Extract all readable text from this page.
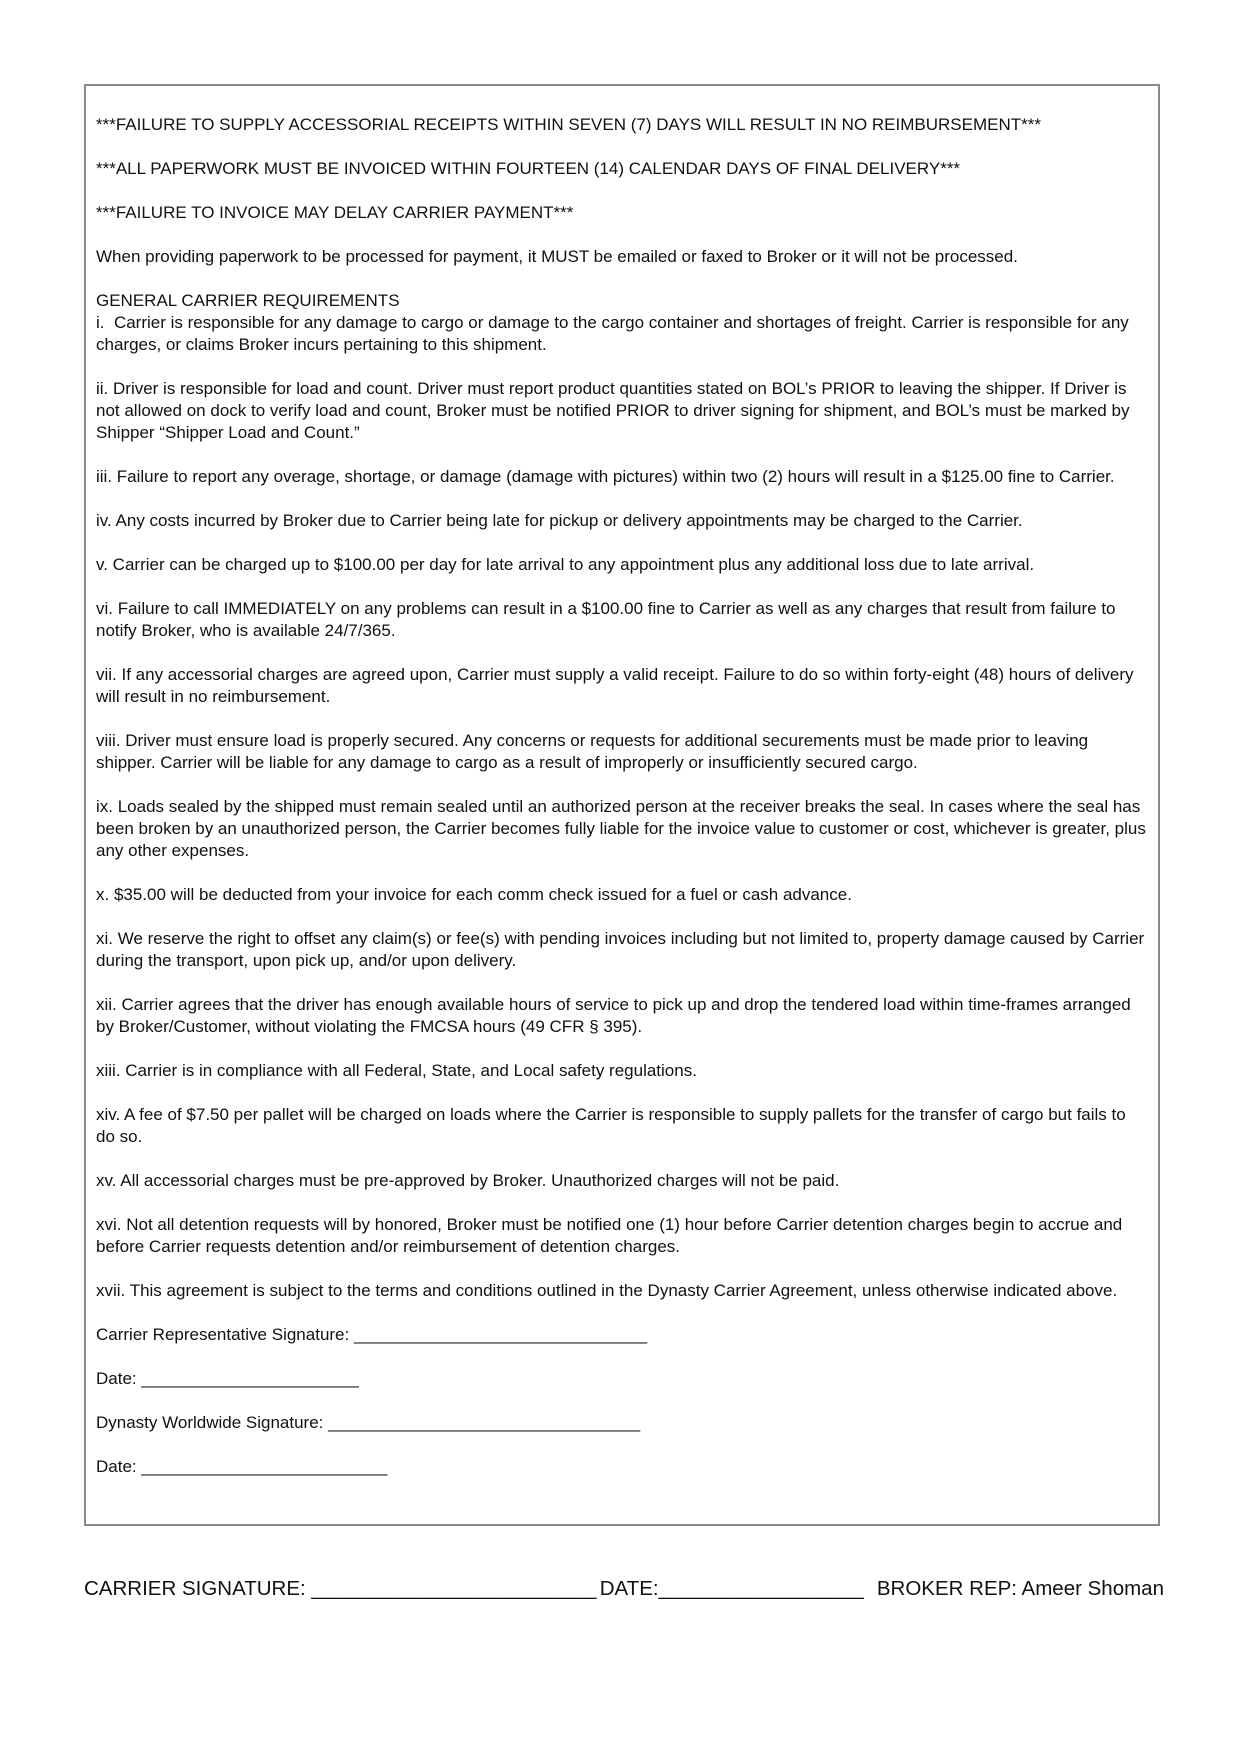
***FAILURE TO SUPPLY ACCESSORIAL RECEIPTS WITHIN SEVEN (7) DAYS WILL RESULT IN NO REIMBURSEMENT***

***ALL PAPERWORK MUST BE INVOICED WITHIN FOURTEEN (14) CALENDAR DAYS OF FINAL DELIVERY***

***FAILURE TO INVOICE MAY DELAY CARRIER PAYMENT***

When providing paperwork to be processed for payment, it MUST be emailed or faxed to Broker or it will not be processed.

GENERAL CARRIER REQUIREMENTS

i.  Carrier is responsible for any damage to cargo or damage to the cargo container and shortages of freight. Carrier is responsible for any charges, or claims Broker incurs pertaining to this shipment.

ii. Driver is responsible for load and count. Driver must report product quantities stated on BOL’s PRIOR to leaving the shipper. If Driver is not allowed on dock to verify load and count, Broker must be notified PRIOR to driver signing for shipment, and BOL’s must be marked by Shipper “Shipper Load and Count.”

iii. Failure to report any overage, shortage, or damage (damage with pictures) within two (2) hours will result in a $125.00 fine to Carrier.

iv. Any costs incurred by Broker due to Carrier being late for pickup or delivery appointments may be charged to the Carrier.

v. Carrier can be charged up to $100.00 per day for late arrival to any appointment plus any additional loss due to late arrival.

vi. Failure to call IMMEDIATELY on any problems can result in a $100.00 fine to Carrier as well as any charges that result from failure to notify Broker, who is available 24/7/365.

vii. If any accessorial charges are agreed upon, Carrier must supply a valid receipt. Failure to do so within forty-eight (48) hours of delivery will result in no reimbursement.

viii. Driver must ensure load is properly secured. Any concerns or requests for additional securements must be made prior to leaving shipper. Carrier will be liable for any damage to cargo as a result of improperly or insufficiently secured cargo.

ix. Loads sealed by the shipped must remain sealed until an authorized person at the receiver breaks the seal. In cases where the seal has been broken by an unauthorized person, the Carrier becomes fully liable for the invoice value to customer or cost, whichever is greater, plus any other expenses.

x. $35.00 will be deducted from your invoice for each comm check issued for a fuel or cash advance.

xi. We reserve the right to offset any claim(s) or fee(s) with pending invoices including but not limited to, property damage caused by Carrier during the transport, upon pick up, and/or upon delivery.

xii. Carrier agrees that the driver has enough available hours of service to pick up and drop the tendered load within time-frames arranged by Broker/Customer, without violating the FMCSA hours (49 CFR § 395).

xiii. Carrier is in compliance with all Federal, State, and Local safety regulations.

xiv. A fee of $7.50 per pallet will be charged on loads where the Carrier is responsible to supply pallets for the transfer of cargo but fails to do so.

xv. All accessorial charges must be pre-approved by Broker. Unauthorized charges will not be paid.

xvi. Not all detention requests will by honored, Broker must be notified one (1) hour before Carrier detention charges begin to accrue and before Carrier requests detention and/or reimbursement of detention charges.

xvii. This agreement is subject to the terms and conditions outlined in the Dynasty Carrier Agreement, unless otherwise indicated above.

Carrier Representative Signature: _______________________________

Date: _______________________

Dynasty Worldwide Signature: _________________________________

Date: __________________________

CARRIER SIGNATURE: _________________________ DATE:__________________ BROKER REP: Ameer Shoman
